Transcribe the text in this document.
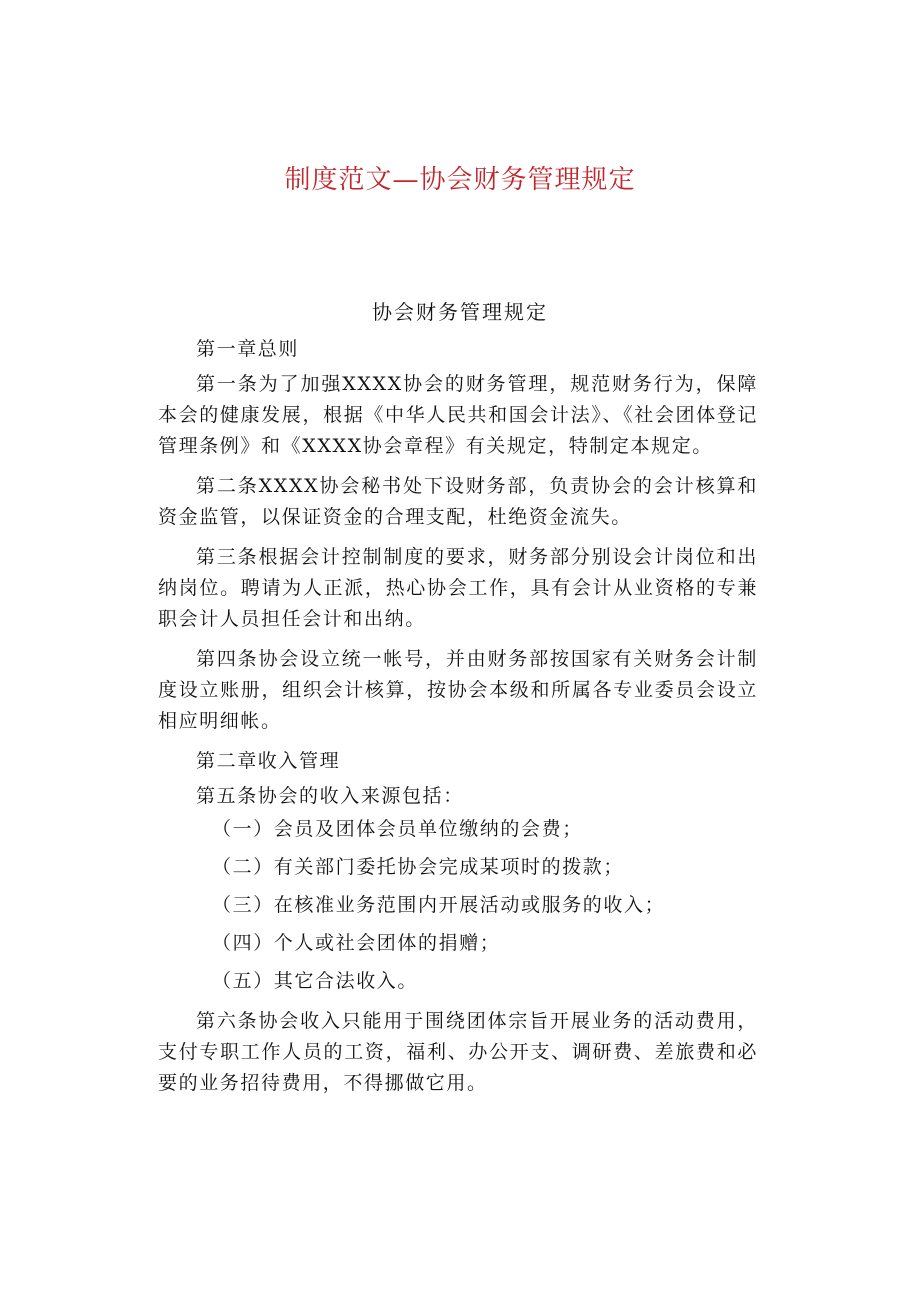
制度范文—协会财务管理规定
协会财务管理规定
第一章总则
第一条为了加强XXXX协会的财务管理，规范财务行为，保障本会的健康发展，根据《中华人民共和国会计法》、《社会团体登记管理条例》和《XXXX协会章程》有关规定，特制定本规定。
第二条XXXX协会秘书处下设财务部，负责协会的会计核算和资金监管，以保证资金的合理支配，杜绝资金流失。
第三条根据会计控制制度的要求，财务部分别设会计岗位和出纳岗位。聘请为人正派，热心协会工作，具有会计从业资格的专兼职会计人员担任会计和出纳。
第四条协会设立统一帐号，并由财务部按国家有关财务会计制度设立账册，组织会计核算，按协会本级和所属各专业委员会设立相应明细帐。
第二章收入管理
第五条协会的收入来源包括：
（一）会员及团体会员单位缴纳的会费；
（二）有关部门委托协会完成某项时的拨款；
（三）在核准业务范围内开展活动或服务的收入；
（四）个人或社会团体的捐赠；
（五）其它合法收入。
第六条协会收入只能用于围绕团体宗旨开展业务的活动费用，支付专职工作人员的工资，福利、办公开支、调研费、差旅费和必要的业务招待费用，不得挪做它用。
